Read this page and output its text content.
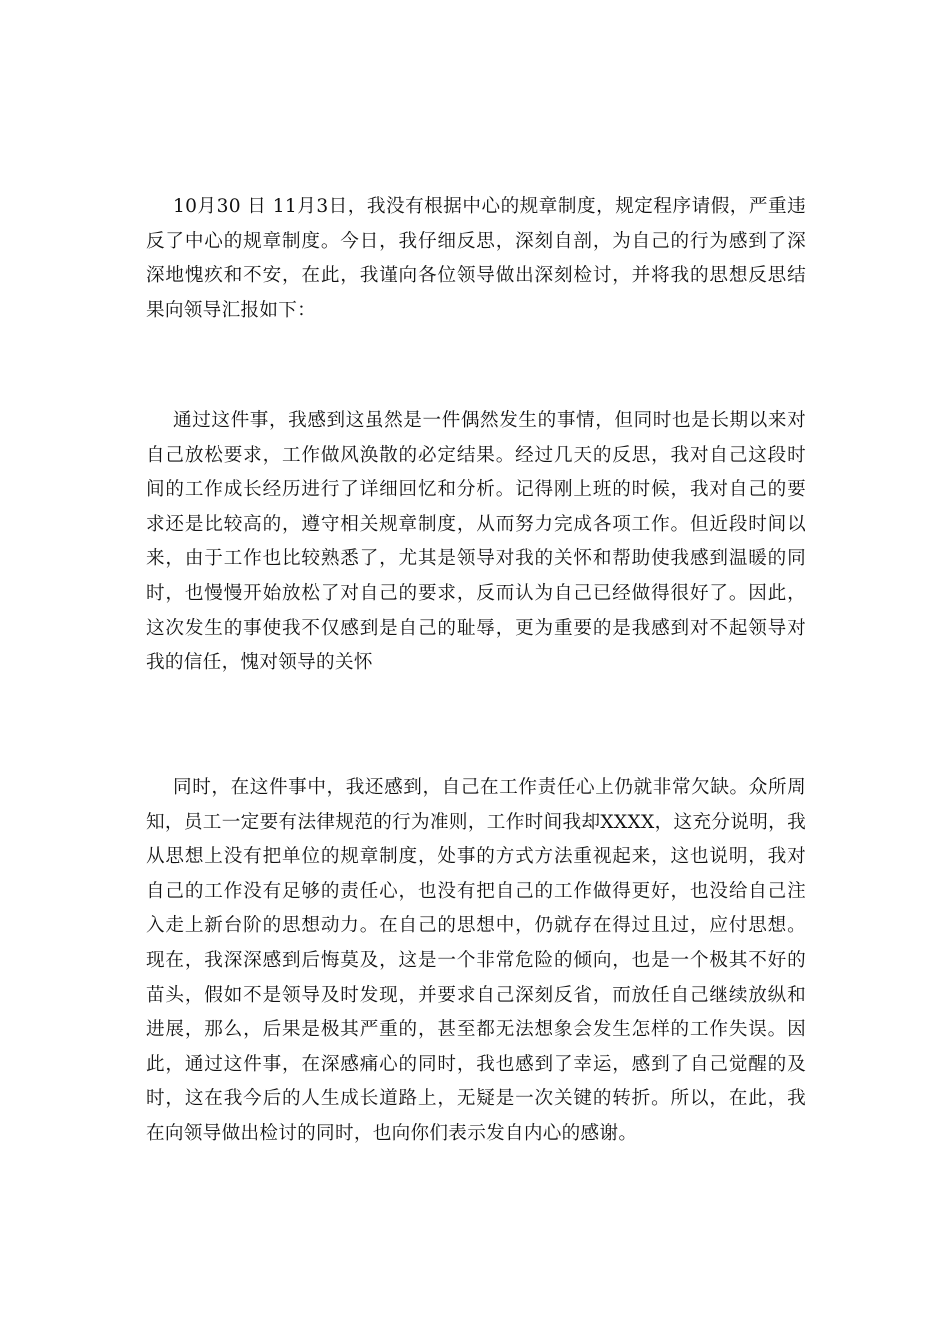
10月30 日 11月3日，我没有根据中心的规章制度，规定程序请假，严重违反了中心的规章制度。今日，我仔细反思，深刻自剖，为自己的行为感到了深深地愧疚和不安，在此，我谨向各位领导做出深刻检讨，并将我的思想反思结果向领导汇报如下：

通过这件事，我感到这虽然是一件偶然发生的事情，但同时也是长期以来对自己放松要求，工作做风涣散的必定结果。经过几天的反思，我对自己这段时间的工作成长经历进行了详细回忆和分析。记得刚上班的时候，我对自己的要求还是比较高的，遵守相关规章制度，从而努力完成各项工作。但近段时间以来，由于工作也比较熟悉了，尤其是领导对我的关怀和帮助使我感到温暖的同时，也慢慢开始放松了对自己的要求，反而认为自己已经做得很好了。因此，这次发生的事使我不仅感到是自己的耻辱，更为重要的是我感到对不起领导对我的信任，愧对领导的关怀

同时，在这件事中，我还感到，自己在工作责任心上仍就非常欠缺。众所周知，员工一定要有法律规范的行为准则，工作时间我却XXXX，这充分说明，我从思想上没有把单位的规章制度，处事的方式方法重视起来，这也说明，我对自己的工作没有足够的责任心，也没有把自己的工作做得更好，也没给自己注入走上新台阶的思想动力。在自己的思想中，仍就存在得过且过，应付思想。现在，我深深感到后悔莫及，这是一个非常危险的倾向，也是一个极其不好的苗头，假如不是领导及时发现，并要求自己深刻反省，而放任自己继续放纵和进展，那么，后果是极其严重的，甚至都无法想象会发生怎样的工作失误。因此，通过这件事，在深感痛心的同时，我也感到了幸运，感到了自己觉醒的及时，这在我今后的人生成长道路上，无疑是一次关键的转折。所以，在此，我在向领导做出检讨的同时，也向你们表示发自内心的感谢。
